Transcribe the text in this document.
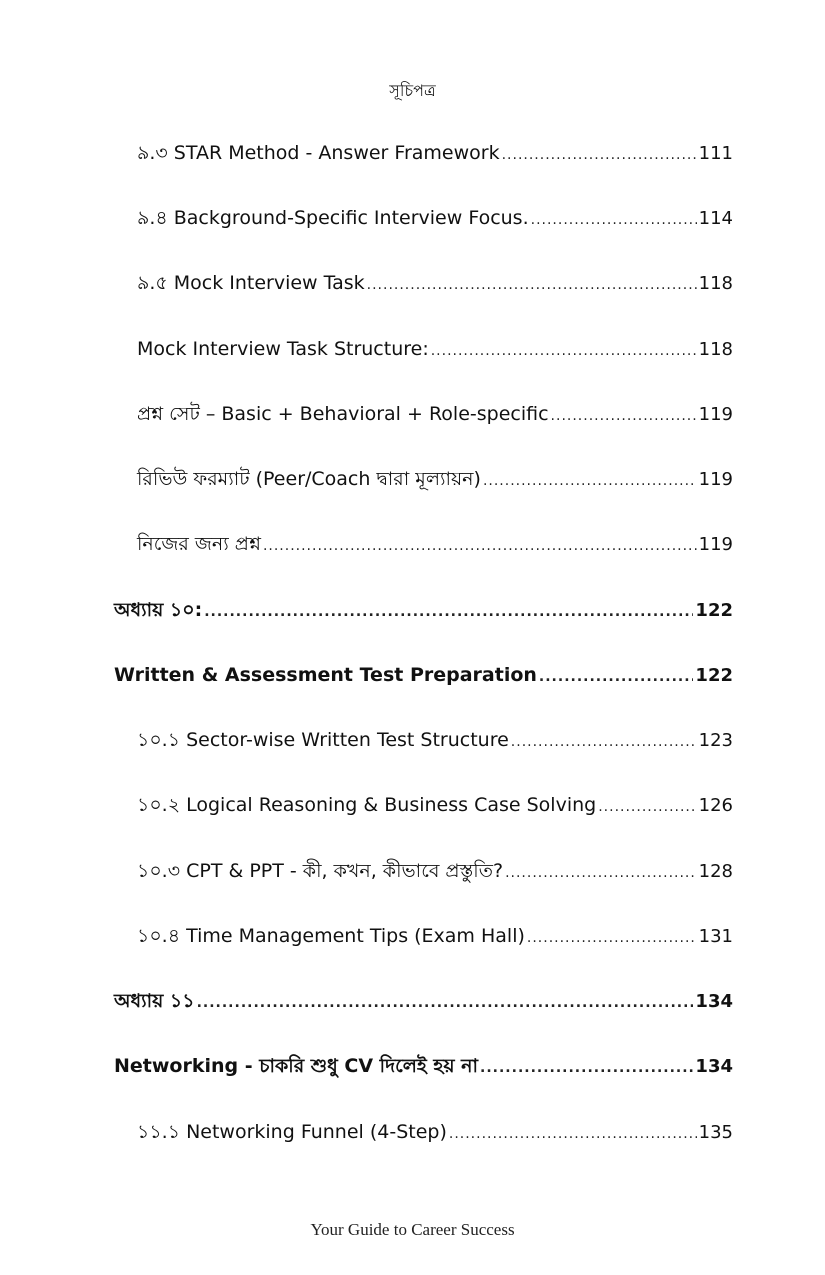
সূচিপত্র
৯.৩ STAR Method - Answer Framework .....	111
৯.৪ Background-Specific Interview Focus. .....	114
৯.৫ Mock Interview Task .....	118
Mock Interview Task Structure: .....	118
প্রশ্ন সেট – Basic + Behavioral + Role-specific .....	119
রিভিউ ফরম্যাট (Peer/Coach দ্বারা মূল্যায়ন) .....	119
নিজের জন্য প্রশ্ন .....	119
অধ্যায় ১০: .....	122
Written & Assessment Test Preparation .....	122
১০.১ Sector-wise Written Test Structure .....	123
১০.২ Logical Reasoning & Business Case Solving .....	126
১০.৩ CPT & PPT - কী, কখন, কীভাবে প্রস্তুতি? .....	128
১০.৪ Time Management Tips (Exam Hall) .....	131
অধ্যায় ১১ .....	134
Networking - চাকরি শুধু CV দিলেই হয় না .....	134
১১.১ Networking Funnel (4-Step) .....	135
Your Guide to Career Success
